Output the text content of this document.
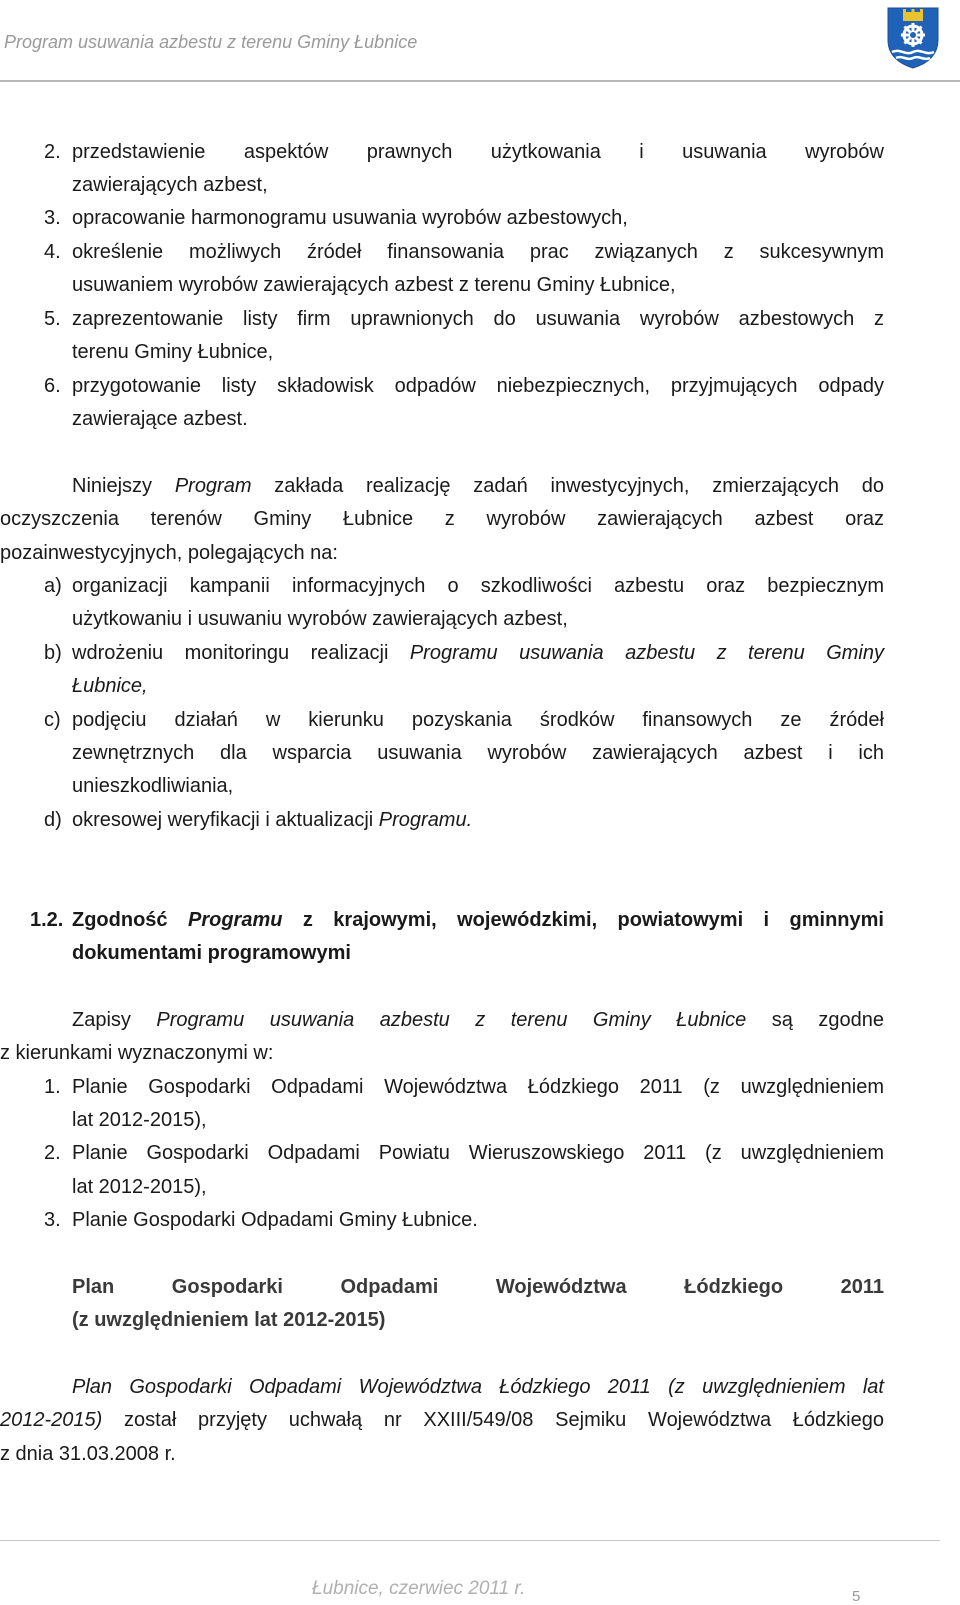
Program usuwania azbestu z terenu Gminy Łubnice
2. przedstawienie aspektów prawnych użytkowania i usuwania wyrobów
zawierających azbest,
3. opracowanie harmonogramu usuwania wyrobów azbestowych,
4. określenie możliwych źródeł finansowania prac związanych z sukcesywnym
usuwaniem wyrobów zawierających azbest z terenu Gminy Łubnice,
5. zaprezentowanie listy firm uprawnionych do usuwania wyrobów azbestowych z
terenu Gminy Łubnice,
6. przygotowanie listy składowisk odpadów niebezpiecznych, przyjmujących odpady
zawierające azbest.
Niniejszy Program zakłada realizację zadań inwestycyjnych, zmierzających do
oczyszczenia terenów Gminy Łubnice z wyrobów zawierających azbest oraz
pozainwestycyjnych, polegających na:
a) organizacji kampanii informacyjnych o szkodliwości azbestu oraz bezpiecznym
użytkowaniu i usuwaniu wyrobów zawierających azbest,
b) wdrożeniu monitoringu realizacji Programu usuwania azbestu z terenu Gminy
Łubnice,
c) podjęciu działań w kierunku pozyskania środków finansowych ze źródeł
zewnętrznych dla wsparcia usuwania wyrobów zawierających azbest i ich
unieszkodliwiania,
d) okresowej weryfikacji i aktualizacji Programu.
1.2. Zgodność Programu z krajowymi, wojewódzkimi, powiatowymi i gminnymi
dokumentami programowymi
Zapisy Programu usuwania azbestu z terenu Gminy Łubnice są zgodne
z kierunkami wyznaczonymi w:
1. Planie Gospodarki Odpadami Województwa Łódzkiego 2011 (z uwzględnieniem
lat 2012-2015),
2. Planie Gospodarki Odpadami Powiatu Wieruszowskiego 2011 (z uwzględnieniem
lat 2012-2015),
3. Planie Gospodarki Odpadami Gminy Łubnice.
Plan Gospodarki Odpadami Województwa Łódzkiego 2011
(z uwzględnieniem lat 2012-2015)
Plan Gospodarki Odpadami Województwa Łódzkiego 2011 (z uwzględnieniem lat
2012-2015) został przyjęty uchwałą nr XXIII/549/08 Sejmiku Województwa Łódzkiego
z dnia 31.03.2008 r.
Łubnice, czerwiec 2011 r.	5
